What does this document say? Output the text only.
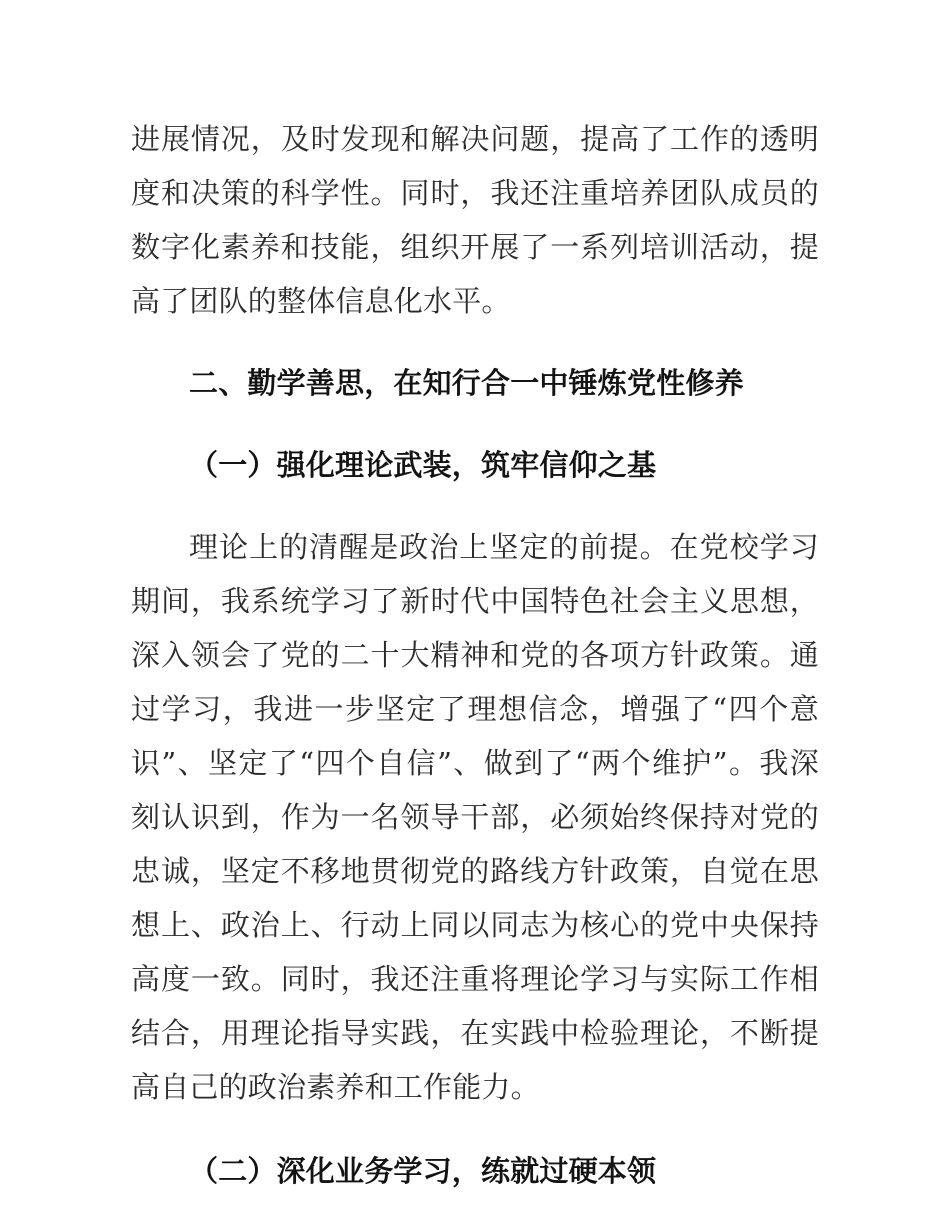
进展情况，及时发现和解决问题，提高了工作的透明度和决策的科学性。同时，我还注重培养团队成员的数字化素养和技能，组织开展了一系列培训活动，提高了团队的整体信息化水平。

二、勤学善思，在知行合一中锤炼党性修养
（一）强化理论武装，筑牢信仰之基

理论上的清醒是政治上坚定的前提。在党校学习期间，我系统学习了新时代中国特色社会主义思想，深入领会了党的二十大精神和党的各项方针政策。通过学习，我进一步坚定了理想信念，增强了“四个意识”、坚定了“四个自信”、做到了“两个维护”。我深刻认识到，作为一名领导干部，必须始终保持对党的忠诚，坚定不移地贯彻党的路线方针政策，自觉在思想上、政治上、行动上同以同志为核心的党中央保持高度一致。同时，我还注重将理论学习与实际工作相结合，用理论指导实践，在实践中检验理论，不断提高自己的政治素养和工作能力。

（二）深化业务学习，练就过硬本领
